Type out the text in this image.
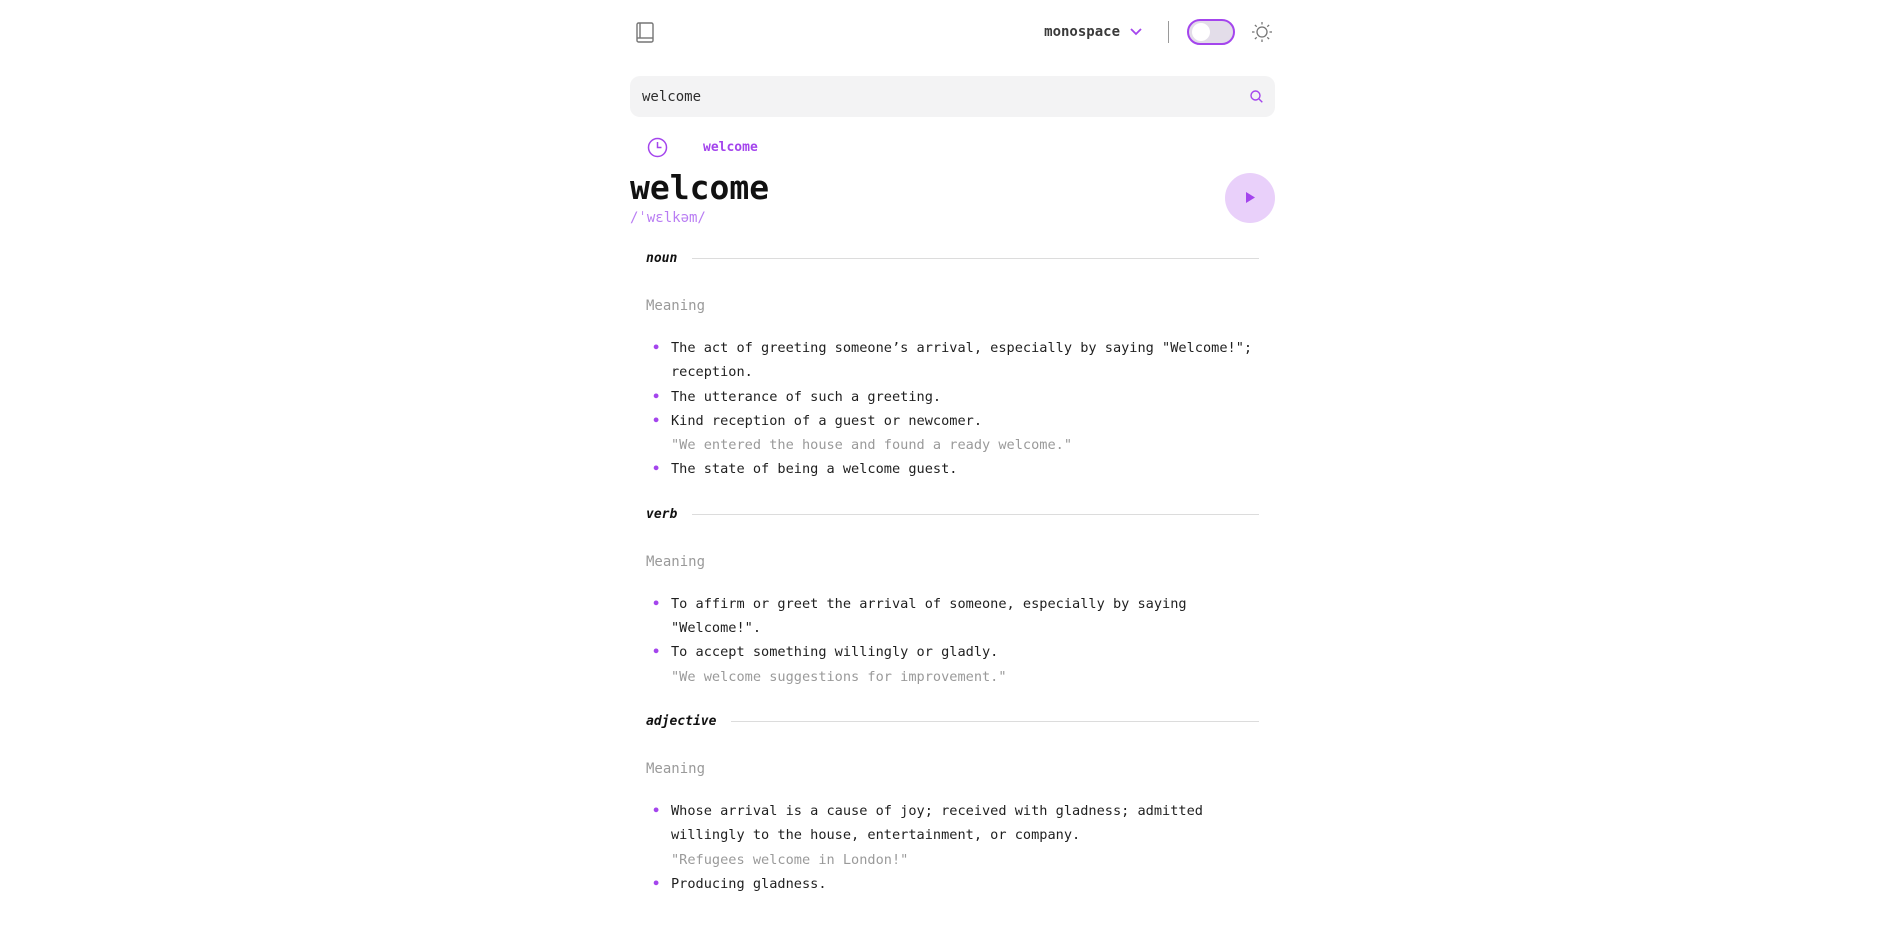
monospace
welcome
welcome
welcome
/ˈwɛlkəm/
noun
Meaning
• The act of greeting someone’s arrival, especially by saying "Welcome!"; reception.
• The utterance of such a greeting.
• Kind reception of a guest or newcomer.
"We entered the house and found a ready welcome."
• The state of being a welcome guest.
verb
Meaning
• To affirm or greet the arrival of someone, especially by saying "Welcome!".
• To accept something willingly or gladly.
"We welcome suggestions for improvement."
adjective
Meaning
• Whose arrival is a cause of joy; received with gladness; admitted willingly to the house, entertainment, or company.
"Refugees welcome in London!"
• Producing gladness.
